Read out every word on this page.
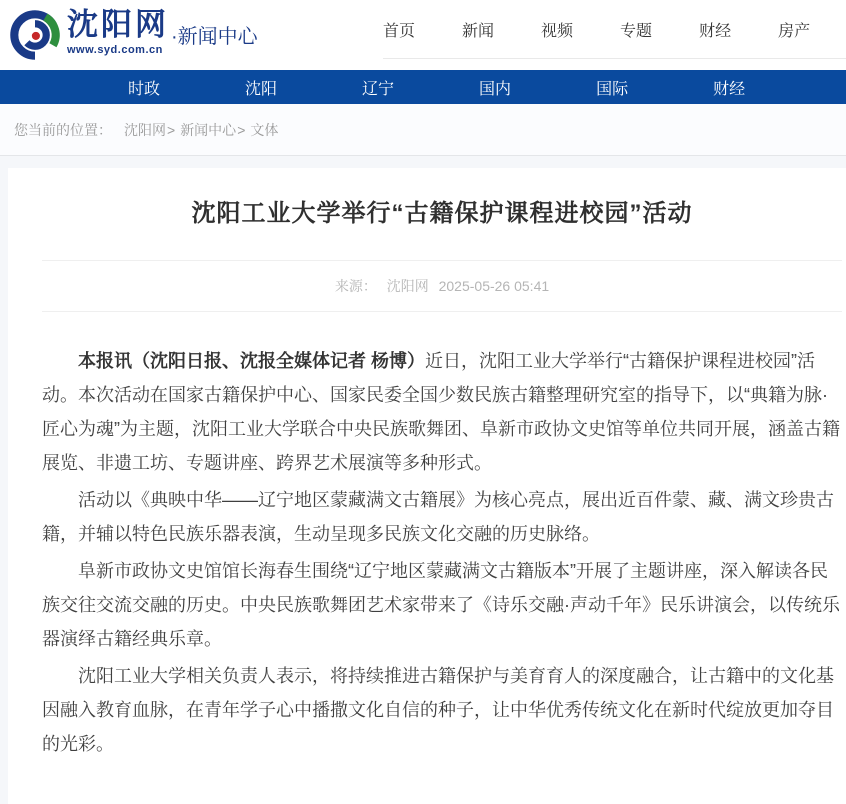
沈阳网
www.syd.com.cn
·新闻中心	首页	新闻	视频	专题	财经	房产
时政	沈阳	辽宁	国内	国际	财经
您当前的位置： 沈阳网> 新闻中心> 文体
沈阳工业大学举行“古籍保护课程进校园”活动
来源： 沈阳网 2025-05-26 05:41

本报讯（沈阳日报、沈报全媒体记者 杨博）近日，沈阳工业大学举行“古籍保护课程进校园”活动。本次活动在国家古籍保护中心、国家民委全国少数民族古籍整理研究室的指导下，以“典籍为脉·匠心为魂”为主题，沈阳工业大学联合中央民族歌舞团、阜新市政协文史馆等单位共同开展，涵盖古籍展览、非遗工坊、专题讲座、跨界艺术展演等多种形式。

活动以《典映中华——辽宁地区蒙藏满文古籍展》为核心亮点，展出近百件蒙、藏、满文珍贵古籍，并辅以特色民族乐器表演，生动呈现多民族文化交融的历史脉络。

阜新市政协文史馆馆长海春生围绕“辽宁地区蒙藏满文古籍版本”开展了主题讲座，深入解读各民族交往交流交融的历史。中央民族歌舞团艺术家带来了《诗乐交融·声动千年》民乐讲演会，以传统乐器演绎古籍经典乐章。

沈阳工业大学相关负责人表示，将持续推进古籍保护与美育育人的深度融合，让古籍中的文化基因融入教育血脉，在青年学子心中播撒文化自信的种子，让中华优秀传统文化在新时代绽放更加夺目的光彩。
